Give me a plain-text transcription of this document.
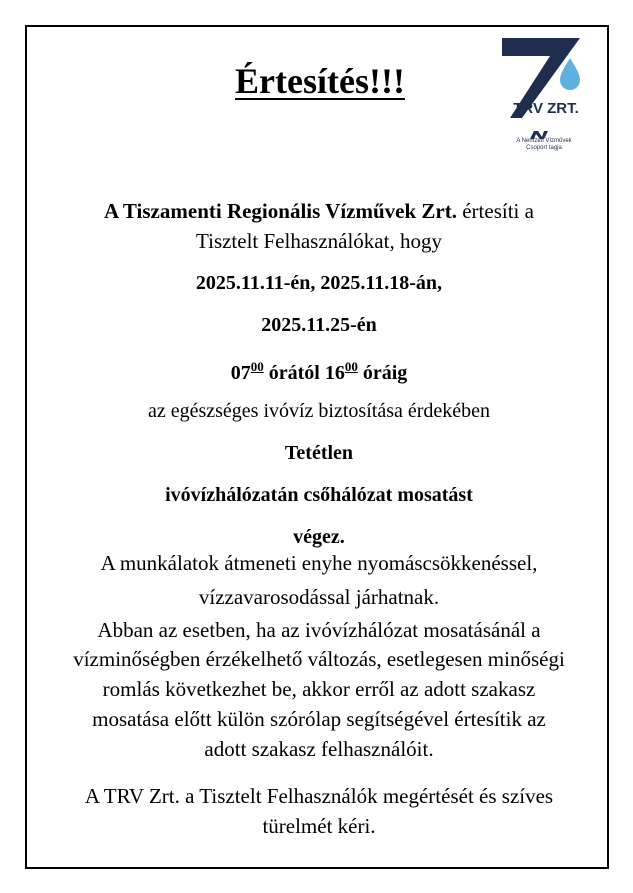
Értesítés!!!
TRV ZRT.
A Nemzeti Vízművek
Csoport tagja
A Tiszamenti Regionális Vízművek Zrt. értesíti a
Tisztelt Felhasználókat, hogy
2025.11.11-én, 2025.11.18-án,
2025.11.25-én
$07^{00}$ órától $16^{00}$ óráig
az egészséges ivóvíz biztosítása érdekében
Tetétlen
ivóvízhálózatán csőhálózat mosatást
végez.
A munkálatok átmeneti enyhe nyomáscsökkenéssel,
vízzavarosodással járhatnak.
Abban az esetben, ha az ivóvízhálózat mosatásánál a
vízminőségben érzékelhető változás, esetlegesen minőségi
romlás következhet be, akkor erről az adott szakasz
mosatása előtt külön szórólap segítségével értesítik az
adott szakasz felhasználóit.
A TRV Zrt. a Tisztelt Felhasználók megértését és szíves
türelmét kéri.
